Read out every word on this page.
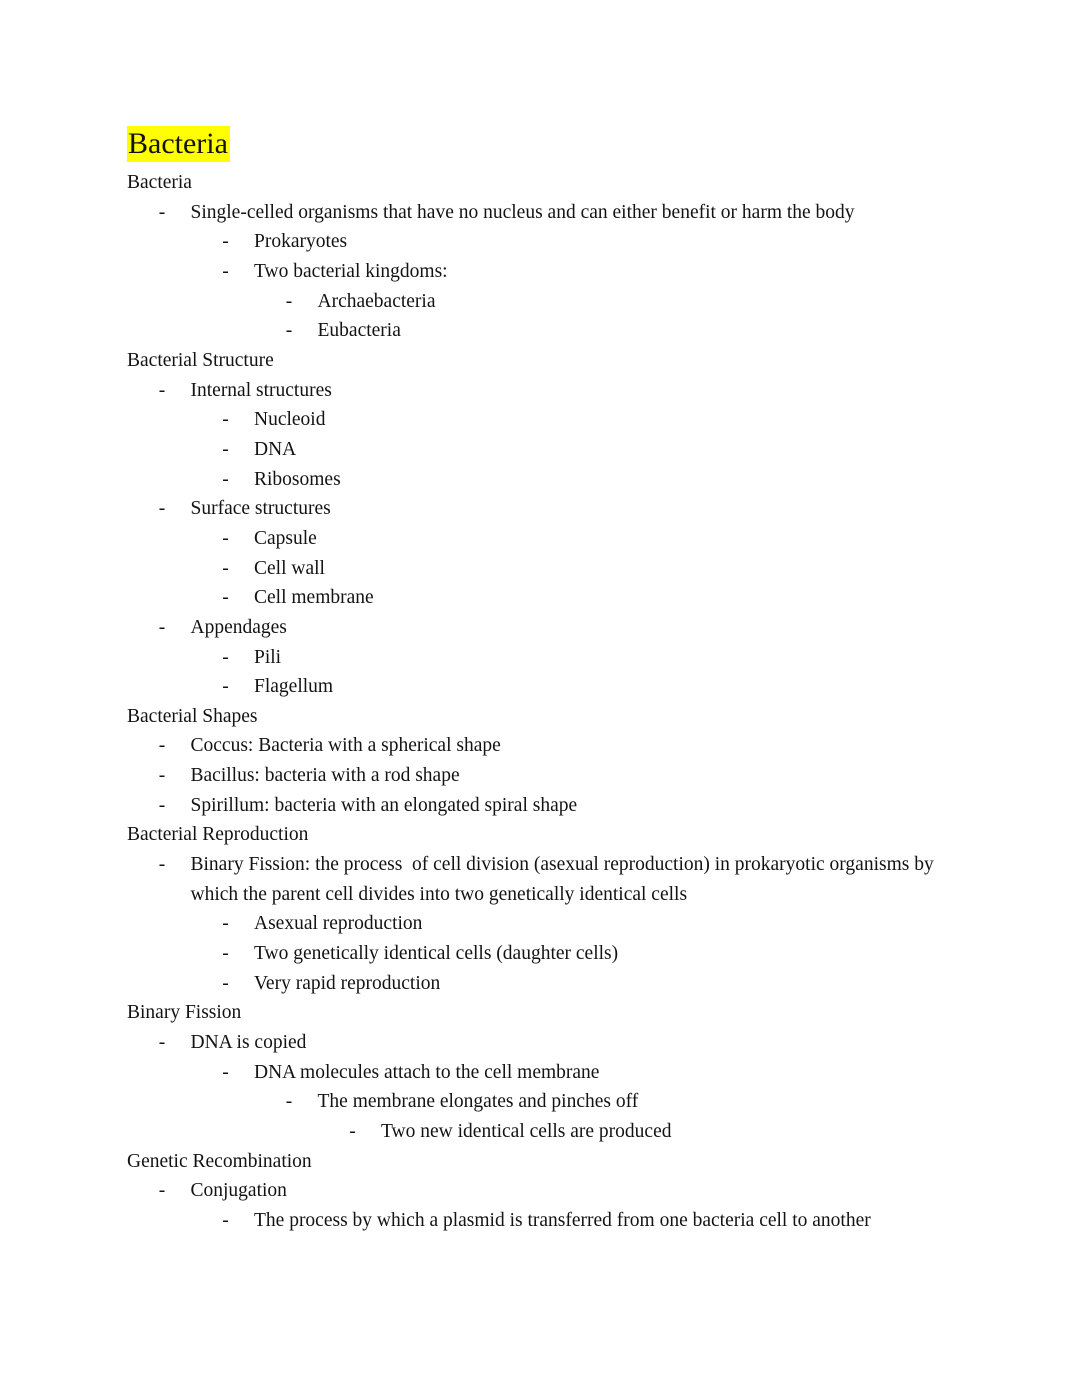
Bacteria
Bacteria
-	Single-celled organisms that have no nucleus and can either benefit or harm the body
-	Prokaryotes
-	Two bacterial kingdoms:
-	Archaebacteria
-	Eubacteria
Bacterial Structure
-	Internal structures
-	Nucleoid
-	DNA
-	Ribosomes
-	Surface structures
-	Capsule
-	Cell wall
-	Cell membrane
-	Appendages
-	Pili
-	Flagellum
Bacterial Shapes
-	Coccus: Bacteria with a spherical shape
-	Bacillus: bacteria with a rod shape
-	Spirillum: bacteria with an elongated spiral shape
Bacterial Reproduction
-	Binary Fission: the process  of cell division (asexual reproduction) in prokaryotic organisms by which the parent cell divides into two genetically identical cells
-	Asexual reproduction
-	Two genetically identical cells (daughter cells)
-	Very rapid reproduction
Binary Fission
-	DNA is copied
-	DNA molecules attach to the cell membrane
-	The membrane elongates and pinches off
-	Two new identical cells are produced
Genetic Recombination
-	Conjugation
-	The process by which a plasmid is transferred from one bacteria cell to another
